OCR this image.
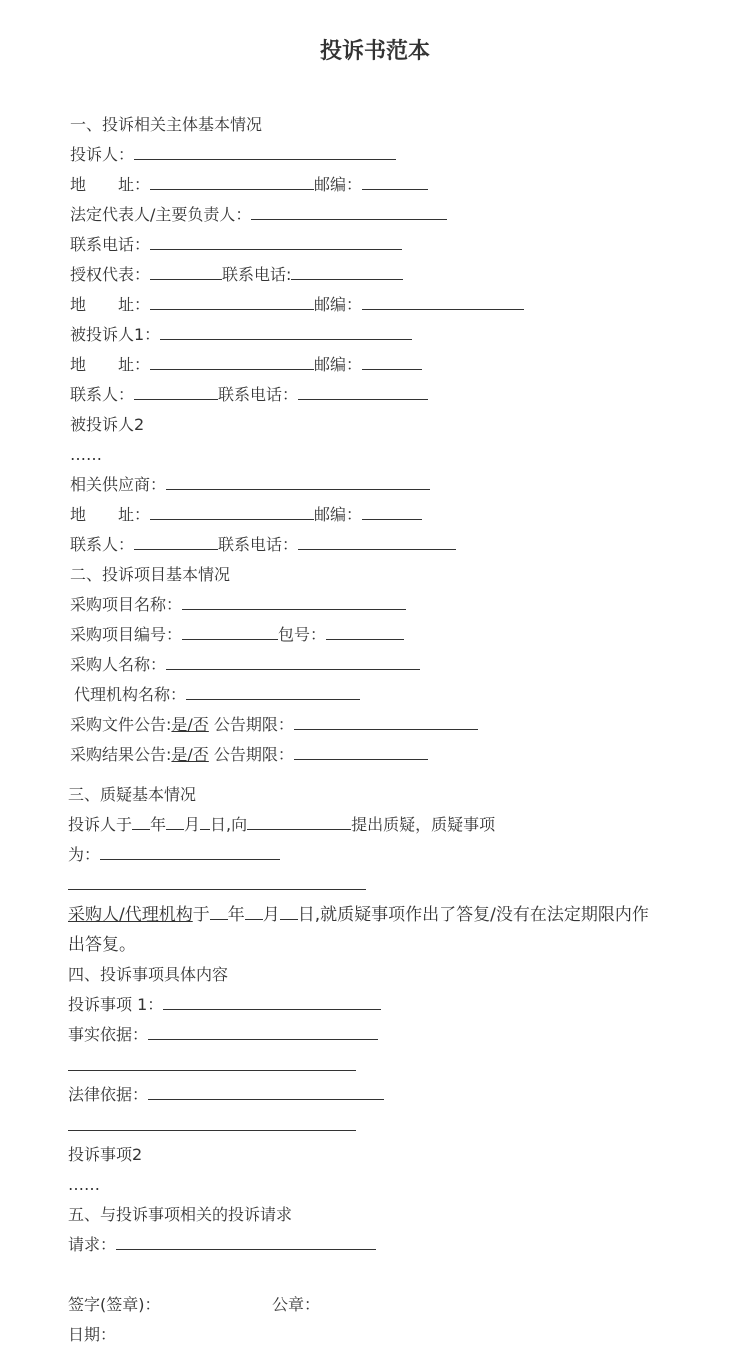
投诉书范本
一、投诉相关主体基本情况
投诉人：
地　　址：	邮编：
法定代表人/主要负责人：
联系电话：
授权代表：	联系电话:
地　　址：	邮编：
被投诉人1：
地　　址：	邮编：
联系人：	联系电话：
被投诉人2
……
相关供应商：
地　　址：	邮编：
联系人：	联系电话：
二、投诉项目基本情况
采购项目名称：
采购项目编号：	包号：
采购人名称：
代理机构名称：
采购文件公告:是/否 公告期限：
采购结果公告:是/否 公告期限：
三、质疑基本情况
投诉人于 年 月 日,向	提出质疑，质疑事项
为：
采购人/代理机构于 年 月 日,就质疑事项作出了答复/没有在法定期限内作
出答复。
四、投诉事项具体内容
投诉事项 1：
事实依据：
法律依据：
投诉事项2
……
五、与投诉事项相关的投诉请求
请求：
签字(签章)：	公章：
日期：
